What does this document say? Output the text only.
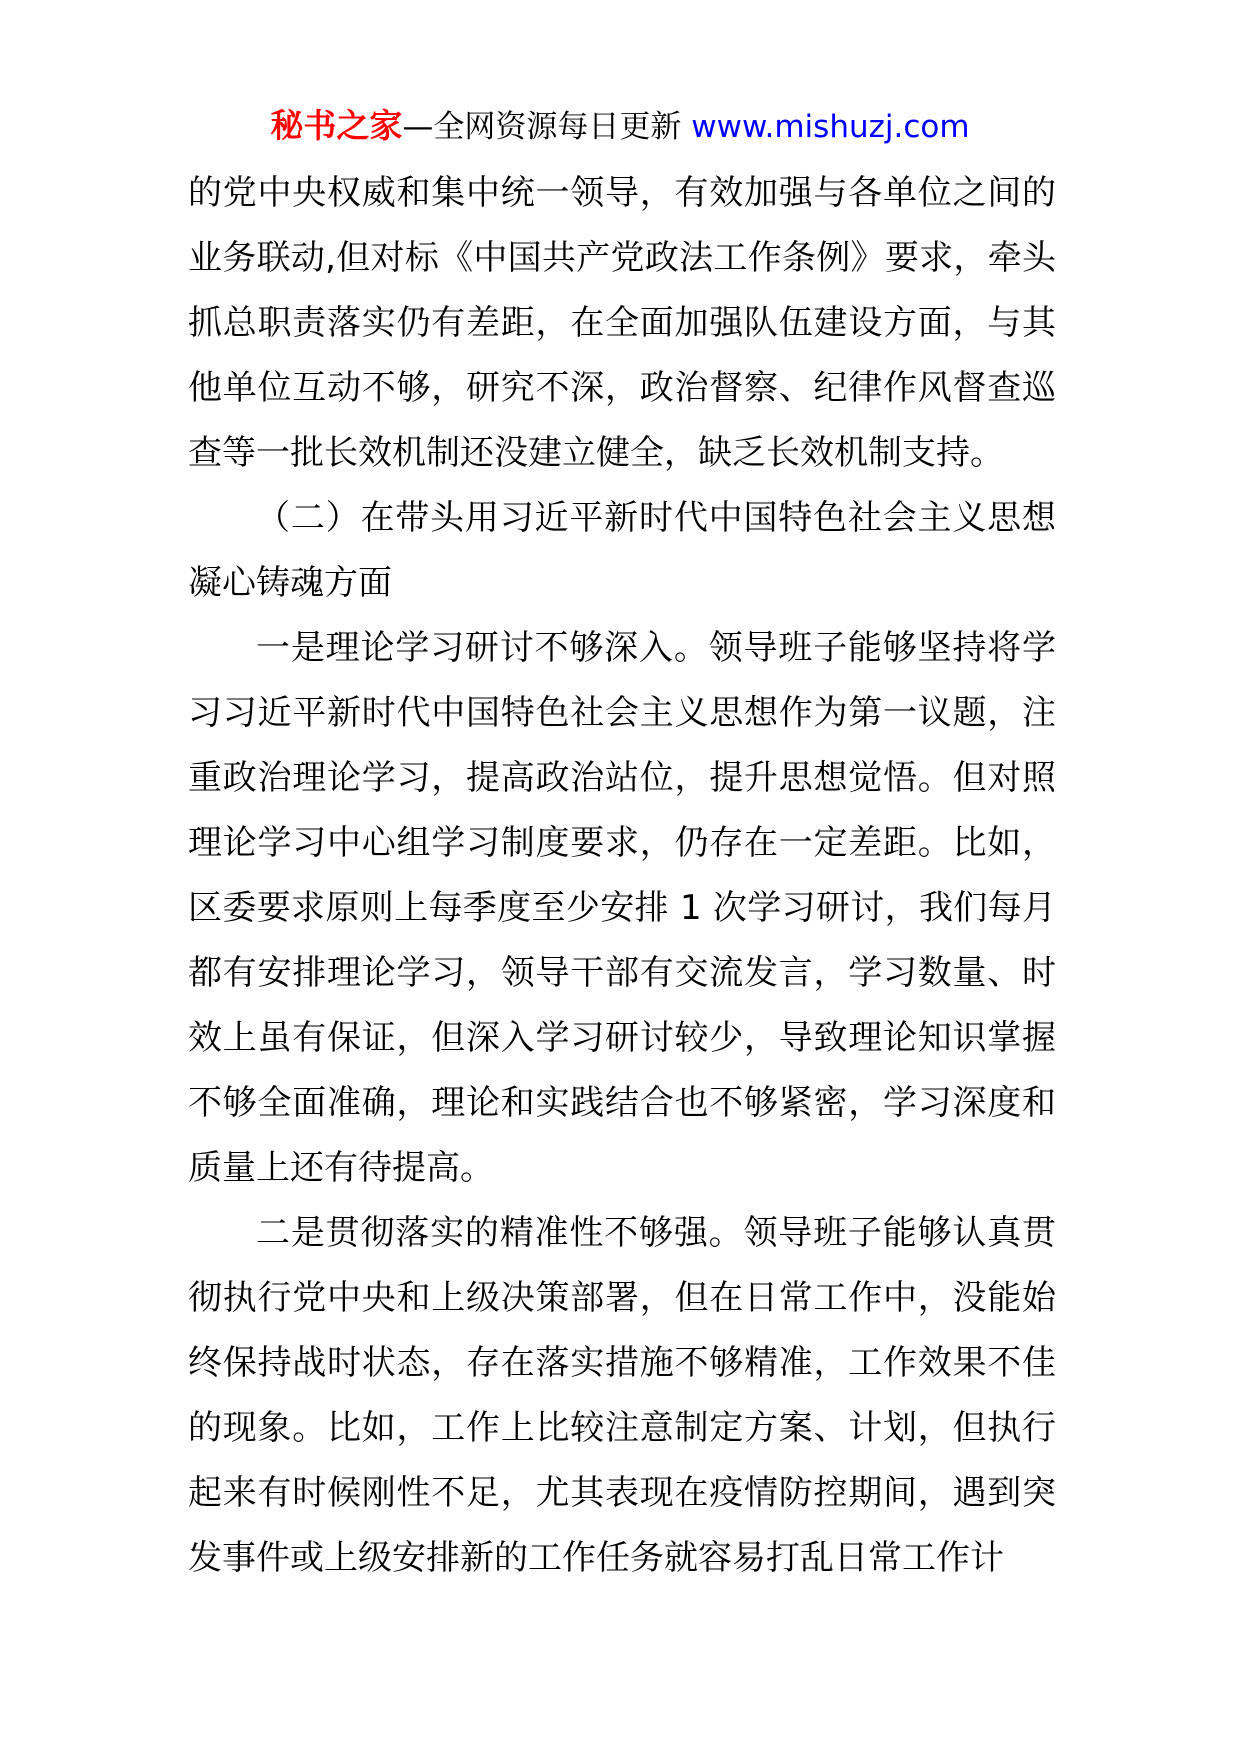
秘书之家—全网资源每日更新 www.mishuzj.com

的党中央权威和集中统一领导，有效加强与各单位之间的业务联动,但对标《中国共产党政法工作条例》要求，牵头抓总职责落实仍有差距，在全面加强队伍建设方面，与其他单位互动不够，研究不深，政治督察、纪律作风督查巡查等一批长效机制还没建立健全，缺乏长效机制支持。

（二）在带头用习近平新时代中国特色社会主义思想凝心铸魂方面

一是理论学习研讨不够深入。领导班子能够坚持将学习习近平新时代中国特色社会主义思想作为第一议题，注重政治理论学习，提高政治站位，提升思想觉悟。但对照理论学习中心组学习制度要求，仍存在一定差距。比如，区委要求原则上每季度至少安排 1 次学习研讨，我们每月都有安排理论学习，领导干部有交流发言，学习数量、时效上虽有保证，但深入学习研讨较少，导致理论知识掌握不够全面准确，理论和实践结合也不够紧密，学习深度和质量上还有待提高。

二是贯彻落实的精准性不够强。领导班子能够认真贯彻执行党中央和上级决策部署，但在日常工作中，没能始终保持战时状态，存在落实措施不够精准，工作效果不佳的现象。比如，工作上比较注意制定方案、计划，但执行起来有时候刚性不足，尤其表现在疫情防控期间，遇到突发事件或上级安排新的工作任务就容易打乱日常工作计
